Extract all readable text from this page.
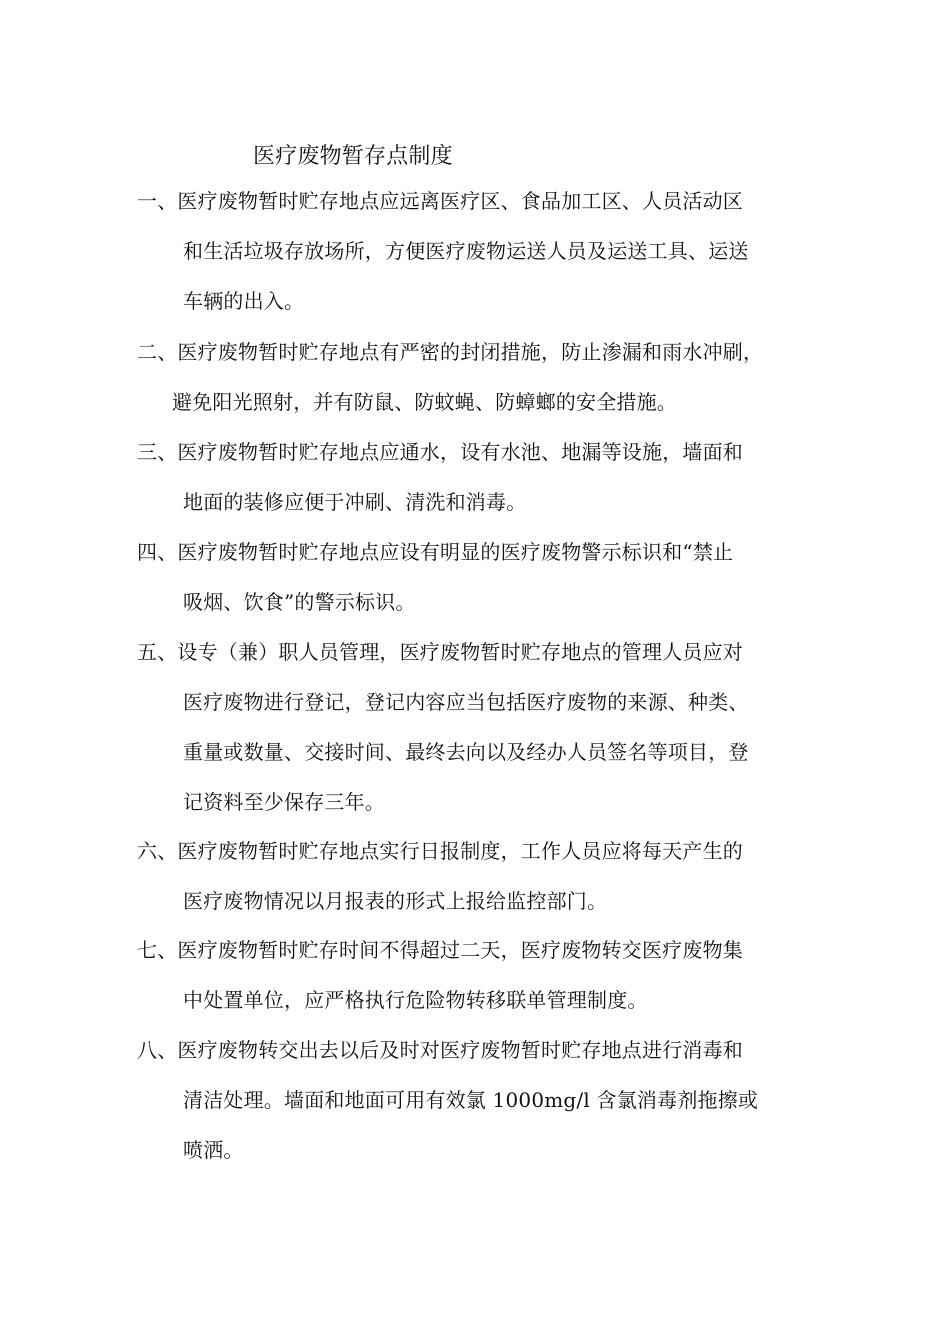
医疗废物暂存点制度
一、医疗废物暂时贮存地点应远离医疗区、食品加工区、人员活动区
和生活垃圾存放场所，方便医疗废物运送人员及运送工具、运送
车辆的出入。
二、医疗废物暂时贮存地点有严密的封闭措施，防止渗漏和雨水冲刷，
避免阳光照射，并有防鼠、防蚊蝇、防蟑螂的安全措施。
三、医疗废物暂时贮存地点应通水，设有水池、地漏等设施，墙面和
地面的装修应便于冲刷、清洗和消毒。
四、医疗废物暂时贮存地点应设有明显的医疗废物警示标识和“禁止
吸烟、饮食”的警示标识。
五、设专（兼）职人员管理，医疗废物暂时贮存地点的管理人员应对
医疗废物进行登记，登记内容应当包括医疗废物的来源、种类、
重量或数量、交接时间、最终去向以及经办人员签名等项目，登
记资料至少保存三年。
六、医疗废物暂时贮存地点实行日报制度，工作人员应将每天产生的
医疗废物情况以月报表的形式上报给监控部门。
七、医疗废物暂时贮存时间不得超过二天，医疗废物转交医疗废物集
中处置单位，应严格执行危险物转移联单管理制度。
八、医疗废物转交出去以后及时对医疗废物暂时贮存地点进行消毒和
清洁处理。墙面和地面可用有效氯 1000mg/l 含氯消毒剂拖擦或
喷洒。
